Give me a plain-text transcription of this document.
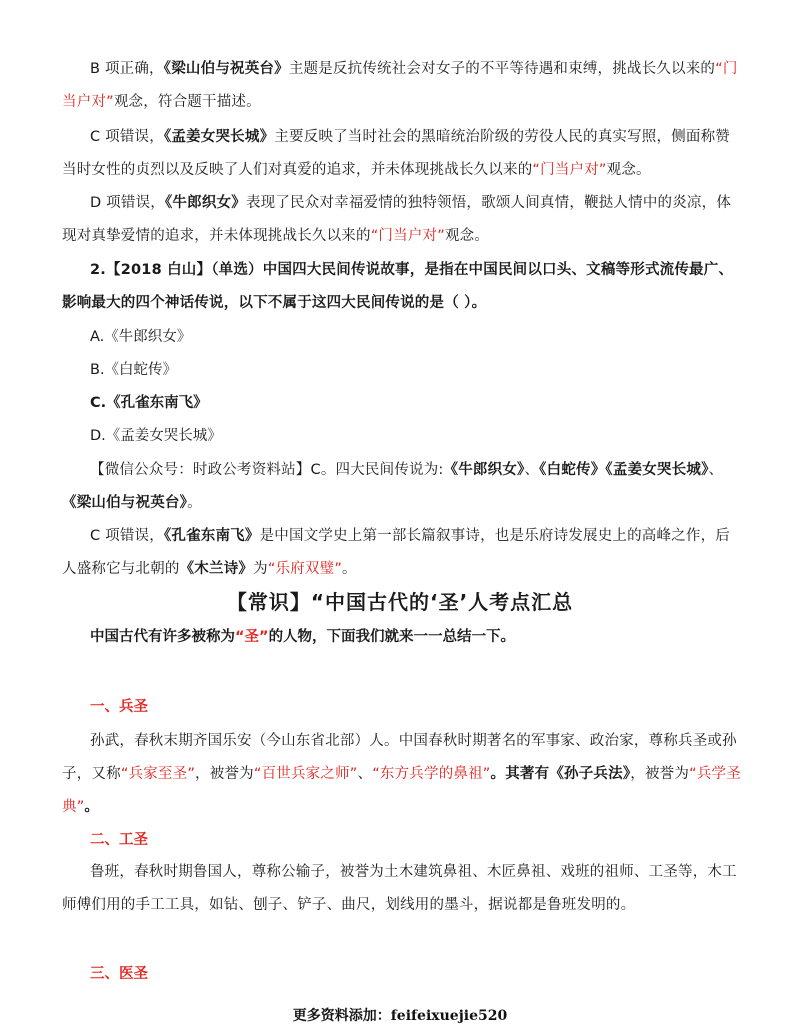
B 项正确，《梁山伯与祝英台》主题是反抗传统社会对女子的不平等待遇和束缚，挑战长久以来的“门当户对”观念，符合题干描述。

C 项错误，《孟姜女哭长城》主要反映了当时社会的黑暗统治阶级的劳役人民的真实写照，侧面称赞当时女性的贞烈以及反映了人们对真爱的追求，并未体现挑战长久以来的“门当户对”观念。

D 项错误，《牛郎织女》表现了民众对幸福爱情的独特领悟，歌颂人间真情，鞭挞人情中的炎凉，体现对真挚爱情的追求，并未体现挑战长久以来的“门当户对”观念。

2.【2018 白山】（单选）中国四大民间传说故事，是指在中国民间以口头、文稿等形式流传最广、影响最大的四个神话传说，以下不属于这四大民间传说的是（ ）。

A.《牛郎织女》

B.《白蛇传》

C.《孔雀东南飞》

D.《孟姜女哭长城》

【微信公众号：时政公考资料站】C。四大民间传说为:《牛郎织女》、《白蛇传》《孟姜女哭长城》、《梁山伯与祝英台》。

C 项错误，《孔雀东南飞》是中国文学史上第一部长篇叙事诗，也是乐府诗发展史上的高峰之作，后人盛称它与北朝的《木兰诗》为“乐府双璧”。

【常识】“中国古代的‘圣’人考点汇总

中国古代有许多被称为“圣”的人物，下面我们就来一一总结一下。

一、兵圣

孙武，春秋末期齐国乐安（今山东省北部）人。中国春秋时期著名的军事家、政治家，尊称兵圣或孙子，又称“兵家至圣”，被誉为“百世兵家之师”、“东方兵学的鼻祖”。其著有《孙子兵法》，被誉为“兵学圣典”。

二、工圣

鲁班，春秋时期鲁国人，尊称公输子，被誉为土木建筑鼻祖、木匠鼻祖、戏班的祖师、工圣等，木工师傅们用的手工工具，如钻、刨子、铲子、曲尺，划线用的墨斗，据说都是鲁班发明的。

三、医圣
更多资料添加：feifeixuejie520
